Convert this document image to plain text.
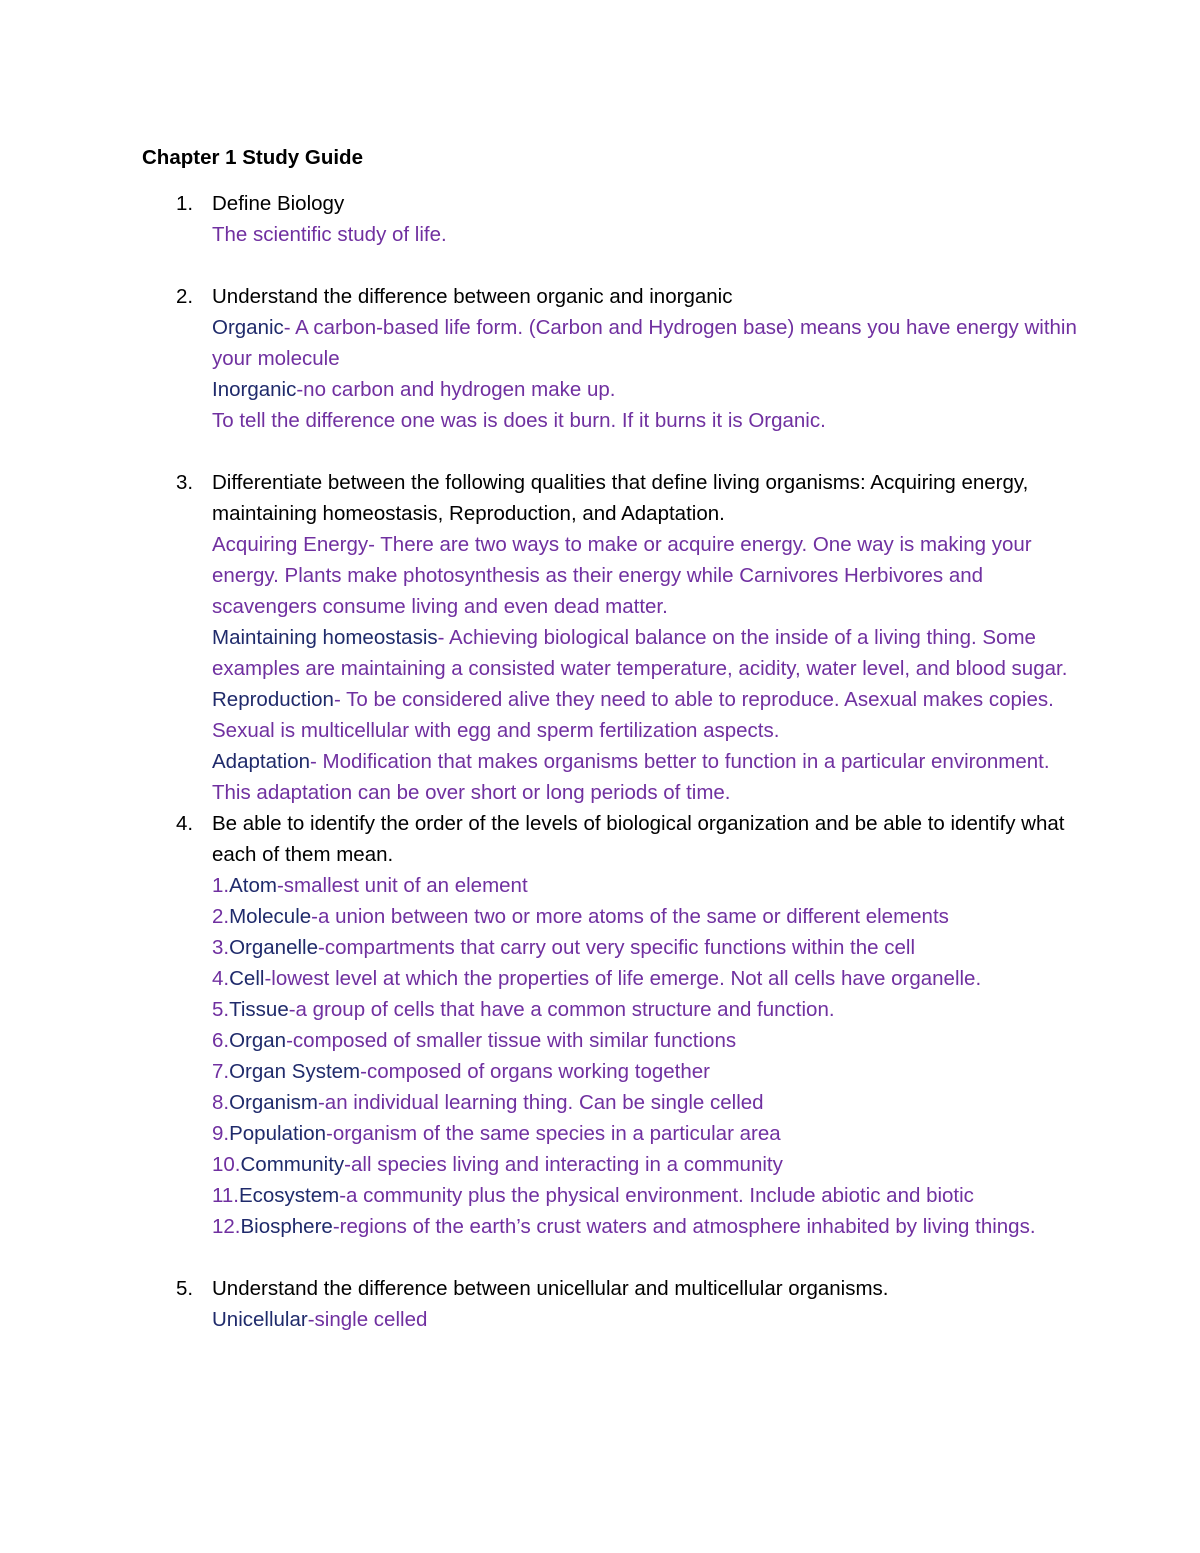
Chapter 1 Study Guide
1. Define Biology
The scientific study of life.
2. Understand the difference between organic and inorganic
Organic- A carbon-based life form. (Carbon and Hydrogen base) means you have energy within your molecule
Inorganic-no carbon and hydrogen make up.
To tell the difference one was is does it burn. If it burns it is Organic.
3. Differentiate between the following qualities that define living organisms: Acquiring energy, maintaining homeostasis, Reproduction, and Adaptation.
Acquiring Energy- There are two ways to make or acquire energy. One way is making your energy. Plants make photosynthesis as their energy while Carnivores Herbivores and scavengers consume living and even dead matter.
Maintaining homeostasis- Achieving biological balance on the inside of a living thing. Some examples are maintaining a consisted water temperature, acidity, water level, and blood sugar.
Reproduction- To be considered alive they need to able to reproduce. Asexual makes copies. Sexual is multicellular with egg and sperm fertilization aspects.
Adaptation- Modification that makes organisms better to function in a particular environment. This adaptation can be over short or long periods of time.
4. Be able to identify the order of the levels of biological organization and be able to identify what each of them mean.
1.Atom-smallest unit of an element
2.Molecule-a union between two or more atoms of the same or different elements
3.Organelle-compartments that carry out very specific functions within the cell
4.Cell-lowest level at which the properties of life emerge. Not all cells have organelle.
5.Tissue-a group of cells that have a common structure and function.
6.Organ-composed of smaller tissue with similar functions
7.Organ System-composed of organs working together
8.Organism-an individual learning thing. Can be single celled
9.Population-organism of the same species in a particular area
10.Community-all species living and interacting in a community
11.Ecosystem-a community plus the physical environment. Include abiotic and biotic
12.Biosphere-regions of the earth’s crust waters and atmosphere inhabited by living things.
5. Understand the difference between unicellular and multicellular organisms.
Unicellular-single celled
